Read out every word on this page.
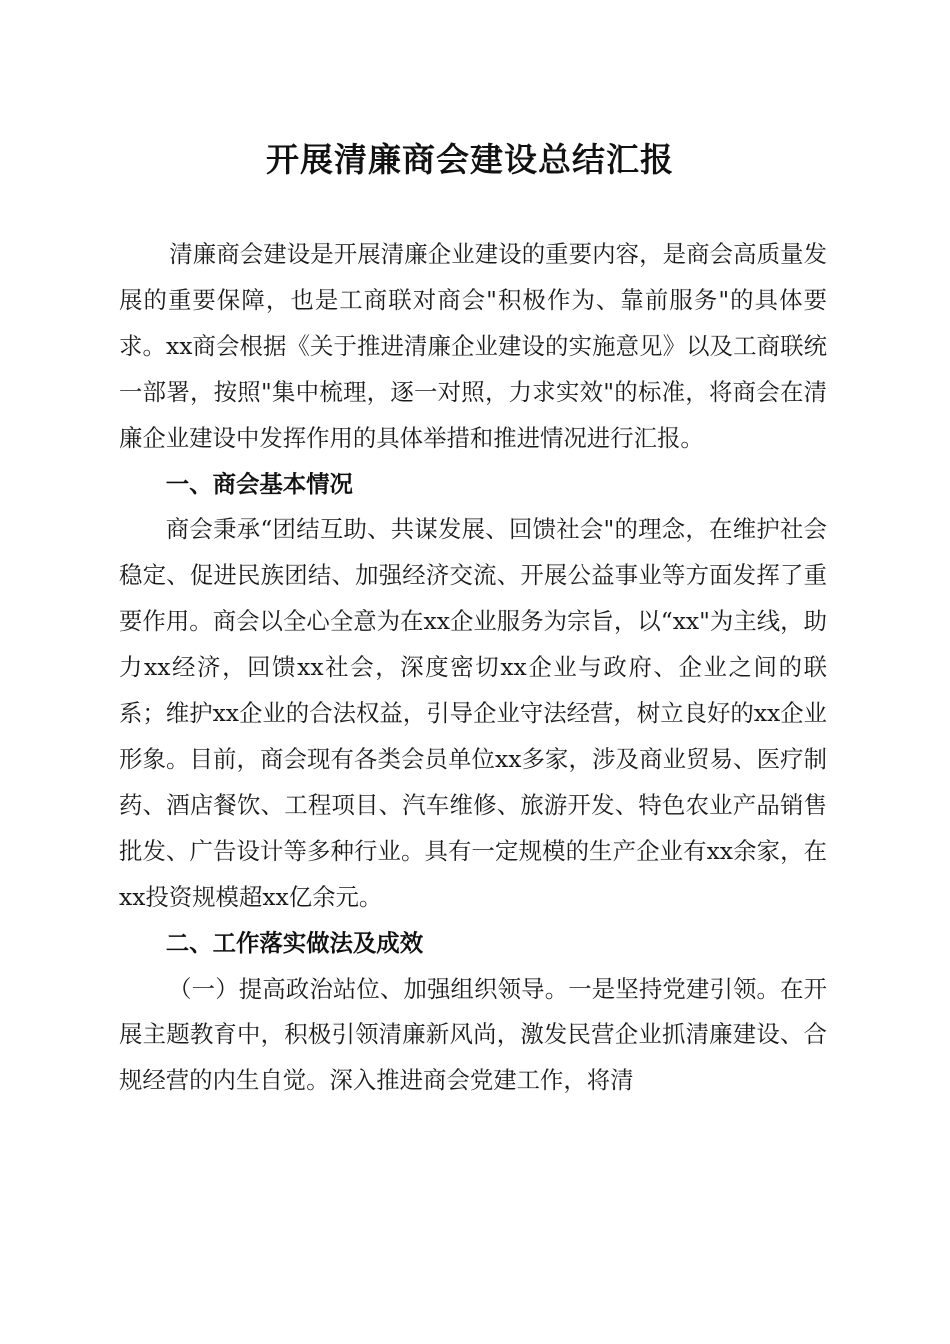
开展清廉商会建设总结汇报

清廉商会建设是开展清廉企业建设的重要内容，是商会高质量发展的重要保障，也是工商联对商会"积极作为、靠前服务"的具体要求。xx商会根据《关于推进清廉企业建设的实施意见》以及工商联统一部署，按照"集中梳理，逐一对照，力求实效"的标准，将商会在清廉企业建设中发挥作用的具体举措和推进情况进行汇报。

一、商会基本情况

商会秉承“团结互助、共谋发展、回馈社会"的理念，在维护社会稳定、促进民族团结、加强经济交流、开展公益事业等方面发挥了重要作用。商会以全心全意为在xx企业服务为宗旨，以“xx"为主线，助力xx经济，回馈xx社会，深度密切xx企业与政府、企业之间的联系；维护xx企业的合法权益，引导企业守法经营，树立良好的xx企业形象。目前，商会现有各类会员单位xx多家，涉及商业贸易、医疗制药、酒店餐饮、工程项目、汽车维修、旅游开发、特色农业产品销售批发、广告设计等多种行业。具有一定规模的生产企业有xx余家，在xx投资规模超xx亿余元。

二、工作落实做法及成效

（一）提高政治站位、加强组织领导。一是坚持党建引领。在开展主题教育中，积极引领清廉新风尚，激发民营企业抓清廉建设、合规经营的内生自觉。深入推进商会党建工作，将清
